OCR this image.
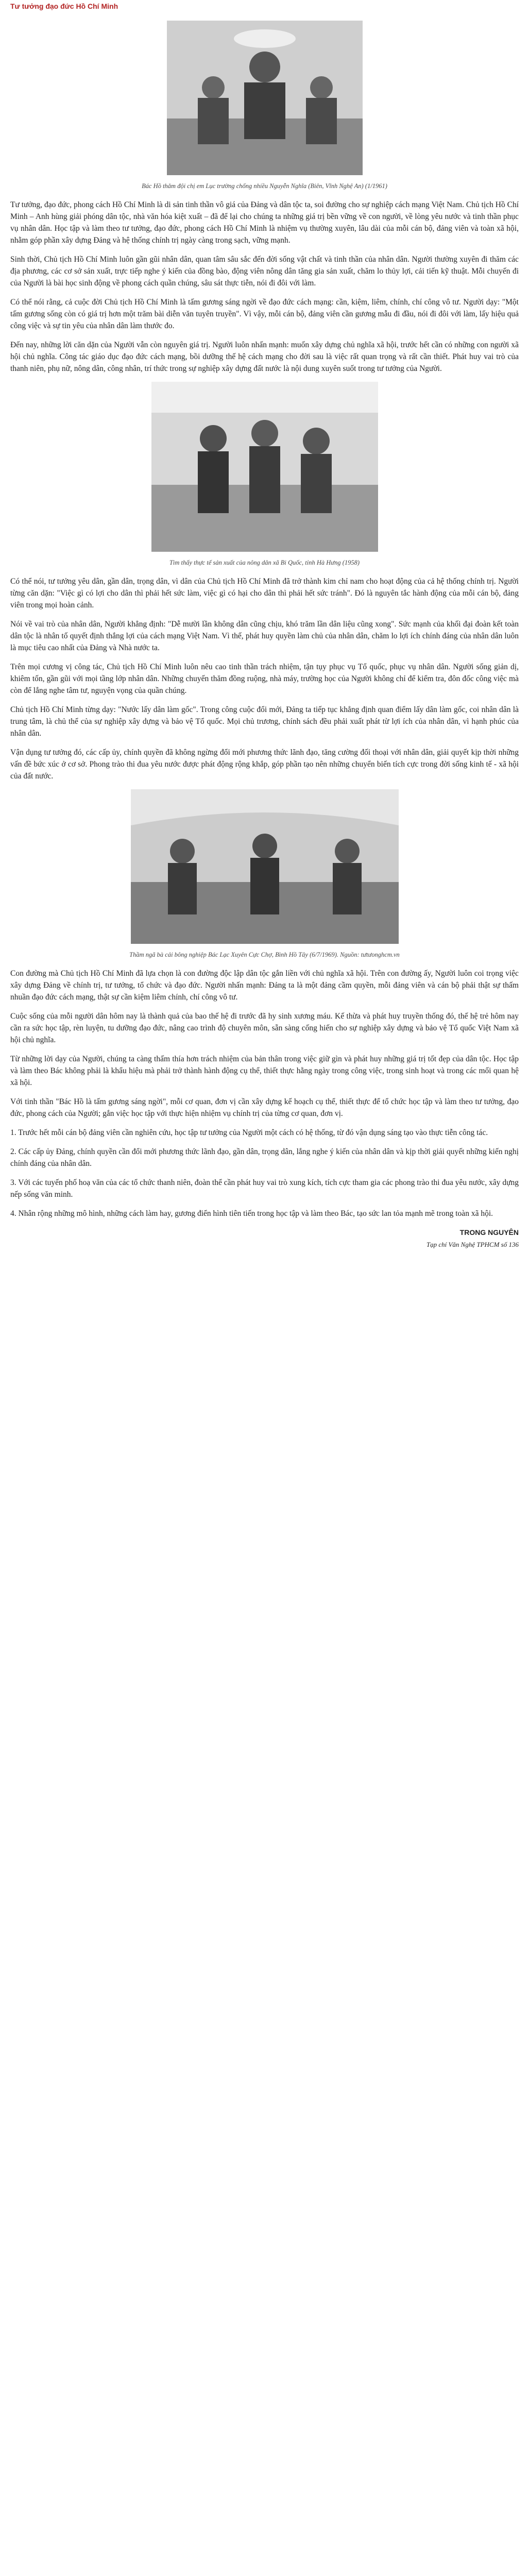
Tư tưởng đạo đức Hồ Chí Minh
Bác Hồ thăm đội chị em Lục trường chống nhiều Nguyễn Nghĩa (Biên, Vĩnh Nghệ An) (1/1961)

Tư tưởng, đạo đức, phong cách Hồ Chí Minh là di sản tinh thần vô giá của Đảng và dân tộc ta, soi đường cho sự nghiệp cách mạng Việt Nam. Chủ tịch Hồ Chí Minh – Anh hùng giải phóng dân tộc, nhà văn hóa kiệt xuất – đã để lại cho chúng ta những giá trị bền vững về con người, về lòng yêu nước và tinh thần phục vụ nhân dân. Học tập và làm theo tư tưởng, đạo đức, phong cách Hồ Chí Minh là nhiệm vụ thường xuyên, lâu dài của mỗi cán bộ, đảng viên và toàn xã hội, nhằm góp phần xây dựng Đảng và hệ thống chính trị ngày càng trong sạch, vững mạnh.

Sinh thời, Chủ tịch Hồ Chí Minh luôn gần gũi nhân dân, quan tâm sâu sắc đến đời sống vật chất và tinh thần của nhân dân. Người thường xuyên đi thăm các địa phương, các cơ sở sản xuất, trực tiếp nghe ý kiến của đồng bào, động viên nông dân tăng gia sản xuất, chăm lo thủy lợi, cải tiến kỹ thuật. Mỗi chuyến đi của Người là bài học sinh động về phong cách quần chúng, sâu sát thực tiễn, nói đi đôi với làm.

Có thể nói rằng, cả cuộc đời Chủ tịch Hồ Chí Minh là tấm gương sáng ngời về đạo đức cách mạng: cần, kiệm, liêm, chính, chí công vô tư. Người dạy: "Một tấm gương sống còn có giá trị hơn một trăm bài diễn văn tuyên truyền". Vì vậy, mỗi cán bộ, đảng viên cần gương mẫu đi đầu, nói đi đôi với làm, lấy hiệu quả công việc và sự tin yêu của nhân dân làm thước đo.

Đến nay, những lời căn dặn của Người vẫn còn nguyên giá trị. Người luôn nhấn mạnh: muốn xây dựng chủ nghĩa xã hội, trước hết cần có những con người xã hội chủ nghĩa. Công tác giáo dục đạo đức cách mạng, bồi dưỡng thế hệ cách mạng cho đời sau là việc rất quan trọng và rất cần thiết. Phát huy vai trò của thanh niên, phụ nữ, nông dân, công nhân, trí thức trong sự nghiệp xây dựng đất nước là nội dung xuyên suốt trong tư tưởng của Người.

Tìm thấy thực tế sản xuất của nông dân xã Bi Quốc, tỉnh Hà Hưng (1958)

Có thể nói, tư tưởng yêu dân, gần dân, trọng dân, vì dân của Chủ tịch Hồ Chí Minh đã trở thành kim chỉ nam cho hoạt động của cả hệ thống chính trị. Người từng căn dặn: "Việc gì có lợi cho dân thì phải hết sức làm, việc gì có hại cho dân thì phải hết sức tránh". Đó là nguyên tắc hành động của mỗi cán bộ, đảng viên trong mọi hoàn cảnh.

Nói về vai trò của nhân dân, Người khẳng định: "Dễ mười lần không dân cũng chịu, khó trăm lần dân liệu cũng xong". Sức mạnh của khối đại đoàn kết toàn dân tộc là nhân tố quyết định thắng lợi của cách mạng Việt Nam. Vì thế, phát huy quyền làm chủ của nhân dân, chăm lo lợi ích chính đáng của nhân dân luôn là mục tiêu cao nhất của Đảng và Nhà nước ta.

Trên mọi cương vị công tác, Chủ tịch Hồ Chí Minh luôn nêu cao tinh thần trách nhiệm, tận tụy phục vụ Tổ quốc, phục vụ nhân dân. Người sống giản dị, khiêm tốn, gần gũi với mọi tầng lớp nhân dân. Những chuyến thăm đồng ruộng, nhà máy, trường học của Người không chỉ để kiểm tra, đôn đốc công việc mà còn để lắng nghe tâm tư, nguyện vọng của quần chúng.

Chủ tịch Hồ Chí Minh từng dạy: "Nước lấy dân làm gốc". Trong công cuộc đổi mới, Đảng ta tiếp tục khẳng định quan điểm lấy dân làm gốc, coi nhân dân là trung tâm, là chủ thể của sự nghiệp xây dựng và bảo vệ Tổ quốc. Mọi chủ trương, chính sách đều phải xuất phát từ lợi ích của nhân dân, vì hạnh phúc của nhân dân.

Vận dụng tư tưởng đó, các cấp ủy, chính quyền đã không ngừng đổi mới phương thức lãnh đạo, tăng cường đối thoại với nhân dân, giải quyết kịp thời những vấn đề bức xúc ở cơ sở. Phong trào thi đua yêu nước được phát động rộng khắp, góp phần tạo nên những chuyển biến tích cực trong đời sống kinh tế - xã hội của đất nước.

Thầm ngã bà cải bông nghiệp Bác Lạc Xuyên Cực Chợ, Bình Hồ Tây (6/7/1969). Nguồn: tưtưonghcm.vn

Con đường mà Chủ tịch Hồ Chí Minh đã lựa chọn là con đường độc lập dân tộc gắn liền với chủ nghĩa xã hội. Trên con đường ấy, Người luôn coi trọng việc xây dựng Đảng về chính trị, tư tưởng, tổ chức và đạo đức. Người nhấn mạnh: Đảng ta là một đảng cầm quyền, mỗi đảng viên và cán bộ phải thật sự thấm nhuần đạo đức cách mạng, thật sự cần kiệm liêm chính, chí công vô tư.

Cuộc sống của mỗi người dân hôm nay là thành quả của bao thế hệ đi trước đã hy sinh xương máu. Kế thừa và phát huy truyền thống đó, thế hệ trẻ hôm nay cần ra sức học tập, rèn luyện, tu dưỡng đạo đức, nâng cao trình độ chuyên môn, sẵn sàng cống hiến cho sự nghiệp xây dựng và bảo vệ Tổ quốc Việt Nam xã hội chủ nghĩa.

Từ những lời dạy của Người, chúng ta càng thấm thía hơn trách nhiệm của bản thân trong việc giữ gìn và phát huy những giá trị tốt đẹp của dân tộc. Học tập và làm theo Bác không phải là khẩu hiệu mà phải trở thành hành động cụ thể, thiết thực hằng ngày trong công việc, trong sinh hoạt và trong các mối quan hệ xã hội.

Với tinh thần "Bác Hồ là tấm gương sáng ngời", mỗi cơ quan, đơn vị cần xây dựng kế hoạch cụ thể, thiết thực để tổ chức học tập và làm theo tư tưởng, đạo đức, phong cách của Người; gắn việc học tập với thực hiện nhiệm vụ chính trị của từng cơ quan, đơn vị.

1. Trước hết mỗi cán bộ đảng viên cần nghiên cứu, học tập tư tưởng của Người một cách có hệ thống, từ đó vận dụng sáng tạo vào thực tiễn công tác.

2. Các cấp ủy Đảng, chính quyền cần đổi mới phương thức lãnh đạo, gần dân, trọng dân, lắng nghe ý kiến của nhân dân và kịp thời giải quyết những kiến nghị chính đáng của nhân dân.

3. Với các tuyến phố hoạ văn của các tổ chức thanh niên, đoàn thể cần phát huy vai trò xung kích, tích cực tham gia các phong trào thi đua yêu nước, xây dựng nếp sống văn minh.

4. Nhân rộng những mô hình, những cách làm hay, gương điển hình tiên tiến trong học tập và làm theo Bác, tạo sức lan tỏa mạnh mẽ trong toàn xã hội.

TRONG NGUYÊN
Tạp chí Văn Nghệ TPHCM số 136
